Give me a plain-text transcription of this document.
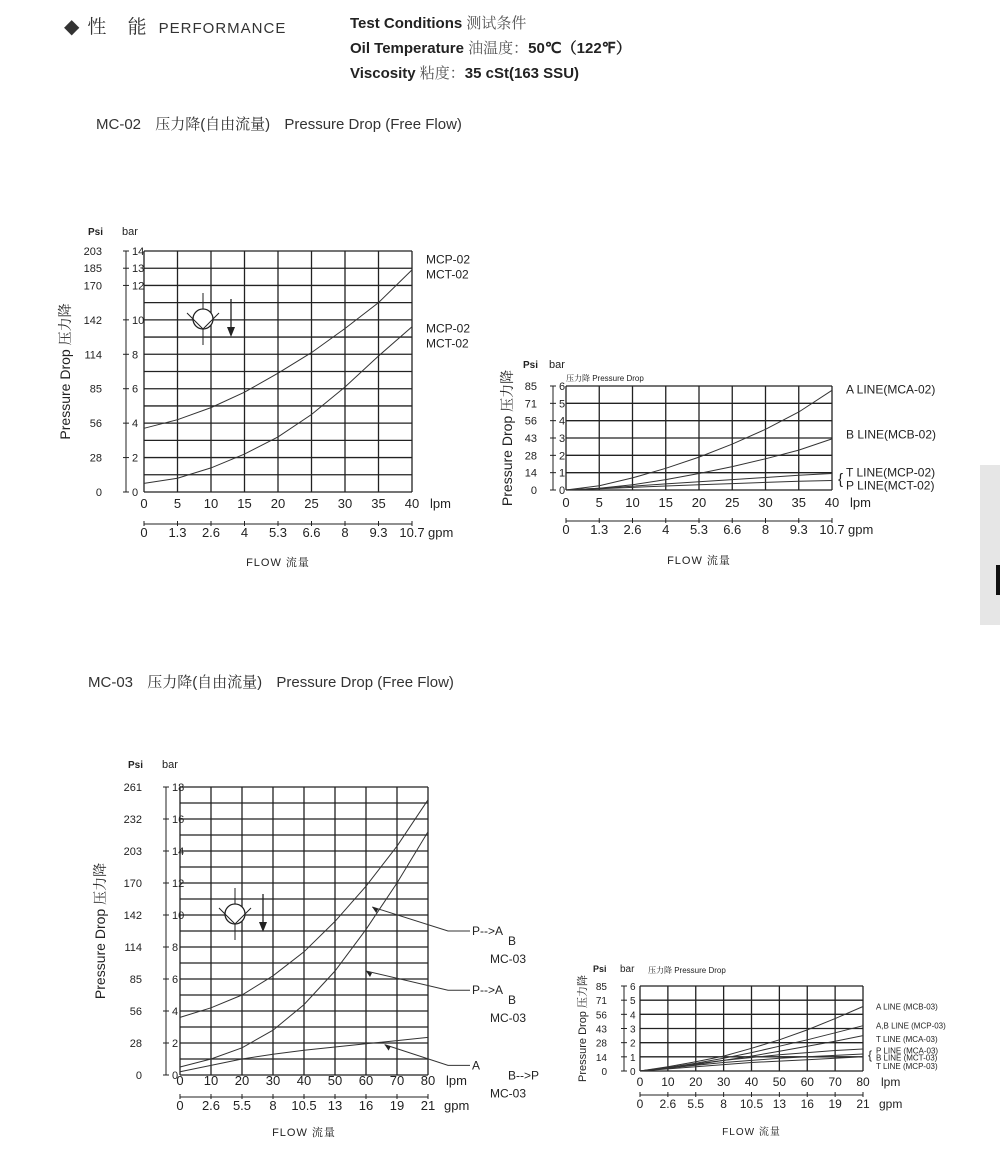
◆ 性 能 PERFORMANCE	Test Conditions 测试条件
Oil Temperature 油温度：50℃（122℉）
Viscosity 粘度：35 cSt(163 SSU)
MC-02 压力降(自由流量) Pressure Drop (Free Flow)
MC-03 压力降(自由流量) Pressure Drop (Free Flow)
0
0
2
28
4
56
6
85
8
114
10
142
12
170
13
185
14
203
Psi bar
Pressure Drop 压力降
0
0
5
1.3
10
2.6
15
4
20
5.3
25
6.6
30
8
35
9.3
40
10.7
lpm
gpm
FLOW 流量
MCP-02
MCT-02
MCP-02
MCT-02
0
0
1
14
2
28
3
43
4
56
5
71
6
85
Psi bar
Pressure Drop 压力降	0
0
5
1.3
10
2.6
15
4
20
5.3
25
6.6
30
8
35
9.3
40
10.7
lpm
gpm
FLOW 流量
压力降 Pressure Drop
A LINE(MCA-02)
B LINE(MCB-02)
T LINE(MCP-02)
P LINE(MCT-02)
{
0
0
2
28
4
56
6
85
8
114
10
142
12
170
14
203
16
232
18
261
Psi bar
Pressure Drop 压力降
0
0
10
2.6
20
5.5
30
8
40
10.5
50
13
60
16
70
19
80
21
lpm
gpm
FLOW 流量
P-->A
B
MC-03
P-->A
B
MC-03
A
B-->P
MC-03
0
0
1
14
2
28
3
43
4
56
5
71
6
85
Psi bar
Pressure Drop 压力降
0
0
10
2.6
20
5.5
30
8
40
10.5
50
13
60
16
70
19
80
21
lpm
gpm
FLOW 流量
压力降 Pressure Drop
A LINE (MCB-03)
A,B LINE (MCP-03)
T LINE (MCA-03)
P LINE (MCA-03)
B LINE (MCT-03)
T LINE (MCP-03)
{
